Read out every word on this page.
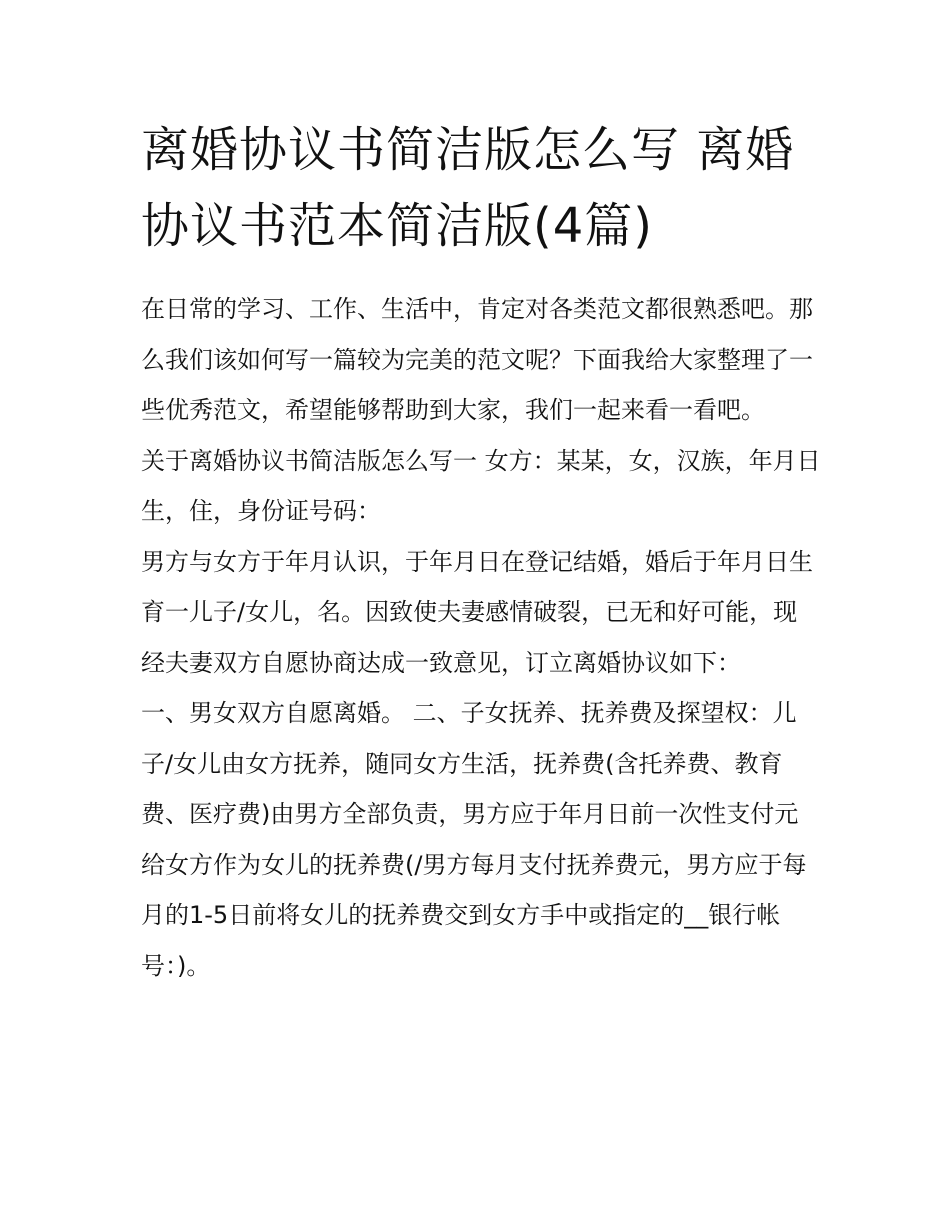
离婚协议书简洁版怎么写 离婚协议书范本简洁版(4篇)

在日常的学习、工作、生活中，肯定对各类范文都很熟悉吧。那么我们该如何写一篇较为完美的范文呢？下面我给大家整理了一些优秀范文，希望能够帮助到大家，我们一起来看一看吧。

关于离婚协议书简洁版怎么写一 女方：某某，女，汉族，年月日生，住，身份证号码：

男方与女方于年月认识，于年月日在登记结婚，婚后于年月日生育一儿子/女儿，名。因致使夫妻感情破裂，已无和好可能，现经夫妻双方自愿协商达成一致意见，订立离婚协议如下：

一、男女双方自愿离婚。 二、子女抚养、抚养费及探望权：儿子/女儿由女方抚养，随同女方生活，抚养费(含托养费、教育费、医疗费)由男方全部负责，男方应于年月日前一次性支付元给女方作为女儿的抚养费(/男方每月支付抚养费元，男方应于每月的1-5日前将女儿的抚养费交到女方手中或指定的__银行帐号：)。
